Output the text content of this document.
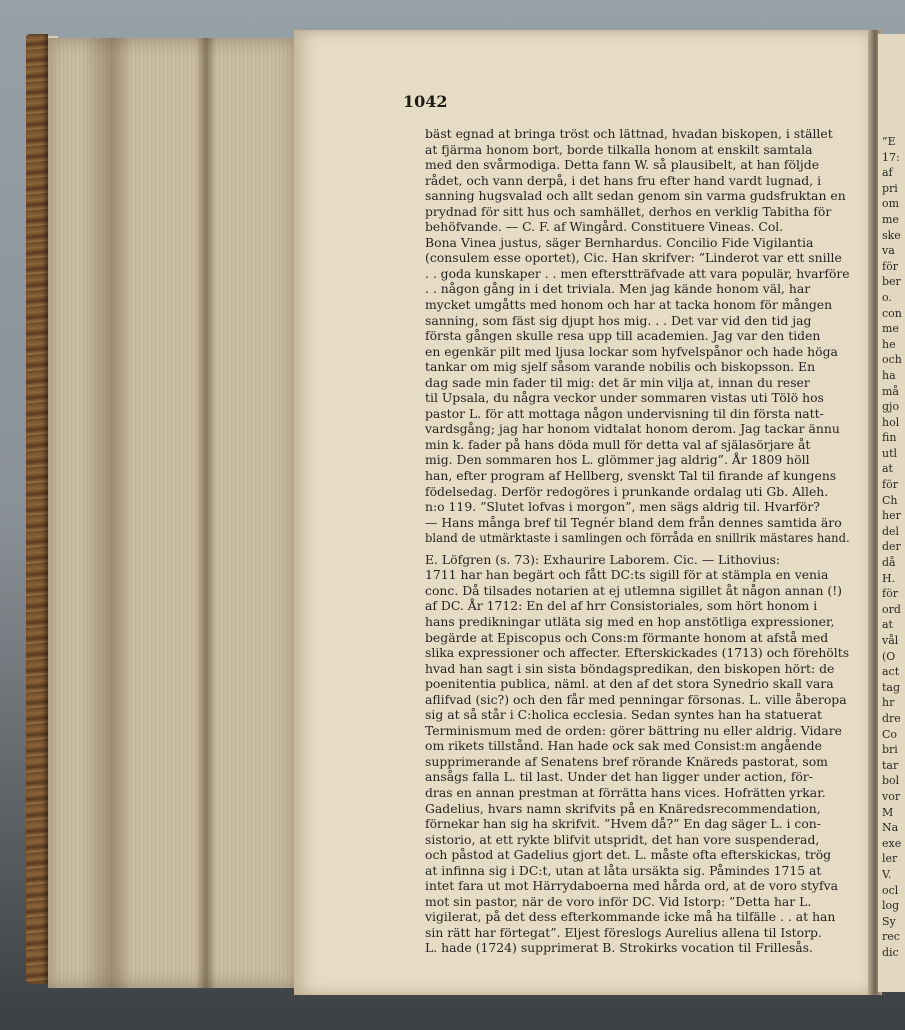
”E
17:
af
pri
om
me
ske
va
för
ber
o.
con
me
he
och
ha
må
gjo
hol
fin
utl
at
för
Ch
her
del
der
då
H.
för
ord
at
vål
(O
act
tag
hr
dre
Co
bri
tar
bol
vor
M
Na
exe
ler
V.
ocl
log
Sy
rec
dic
1042
bäst egnad at bringa tröst och lättnad, hvadan biskopen, i stället
at fjärma honom bort, borde tilkalla honom at enskilt samtala
med den svårmodiga. Detta fann W. så plausibelt, at han följde
rådet, och vann derpå, i det hans fru efter hand vardt lugnad, i
sanning hugsvalad och allt sedan genom sin varma gudsfruktan en
prydnad för sitt hus och samhället, derhos en verklig Tabitha för
behöfvande. — C. F. af Wingård. Constituere Vineas. Col.
Bona Vinea justus, säger Bernhardus. Concilio Fide Vigilantia
(consulem esse oportet), Cic. Han skrifver: ”Linderot var ett snille
. . goda kunskaper . . men efterstträfvade att vara populär, hvarföre
. . någon gång in i det triviala. Men jag kände honom väl, har
mycket umgåtts med honom och har at tacka honom för mången
sanning, som fäst sig djupt hos mig. . . Det var vid den tid jag
första gången skulle resa upp till academien. Jag var den tiden
en egenkär pilt med ljusa lockar som hyfvelspånor och hade höga
tankar om mig sjelf såsom varande nobilis och biskopsson. En
dag sade min fader til mig: det är min vilja at, innan du reser
til Upsala, du några veckor under sommaren vistas uti Tölö hos
pastor L. för att mottaga någon undervisning til din första natt-
vardsgång; jag har honom vidtalat honom derom. Jag tackar ännu
min k. fader på hans döda mull för detta val af själasörjare åt
mig. Den sommaren hos L. glömmer jag aldrig”. År 1809 höll
han, efter program af Hellberg, svenskt Tal til firande af kungens
födelsedag. Derför redogöres i prunkande ordalag uti Gb. Alleh.
n:o 119. ”Slutet lofvas i morgon”, men sägs aldrig til. Hvarför?
— Hans många bref til Tegnér bland dem från dennes samtida äro
bland de utmärktaste i samlingen och förråda en snillrik mästares hand.
E. Löfgren (s. 73): Exhaurire Laborem. Cic. — Lithovius:
1711 har han begärt och fått DC:ts sigill för at stämpla en venia
conc. Då tilsades notarien at ej utlemna sigillet åt någon annan (!)
af DC. År 1712: En del af hrr Consistoriales, som hört honom i
hans predikningar utläta sig med en hop anstötliga expressioner,
begärde at Episcopus och Cons:m förmante honom at afstå med
slika expressioner och affecter. Efterskickades (1713) och förehölts
hvad han sagt i sin sista böndagspredikan, den biskopen hört: de
poenitentia publica, näml. at den af det stora Synedrio skall vara
aflifvad (sic?) och den får med penningar försonas. L. ville åberopa
sig at så står i C:holica ecclesia. Sedan syntes han ha statuerat
Terminismum med de orden: görer bättring nu eller aldrig. Vidare
om rikets tillstånd. Han hade ock sak med Consist:m angående
supprimerande af Senatens bref rörande Knäreds pastorat, som
ansågs falla L. til last. Under det han ligger under action, för-
dras en annan prestman at förrätta hans vices. Hofrätten yrkar.
Gadelius, hvars namn skrifvits på en Knäredsrecommendation,
förnekar han sig ha skrifvit. ”Hvem då?” En dag säger L. i con-
sistorio, at ett rykte blifvit utspridt, det han vore suspenderad,
och påstod at Gadelius gjort det. L. måste ofta efterskickas, trög
at infinna sig i DC:t, utan at låta ursäkta sig. Påmindes 1715 at
intet fara ut mot Härrydaboerna med hårda ord, at de voro styfva
mot sin pastor, när de voro inför DC. Vid Istorp: ”Detta har L.
vigilerat, på det dess efterkommande icke må ha tilfälle . . at han
sin rätt har förtegat”. Eljest föreslogs Aurelius allena til Istorp.
L. hade (1724) supprimerat B. Strokirks vocation til Frillesås.
